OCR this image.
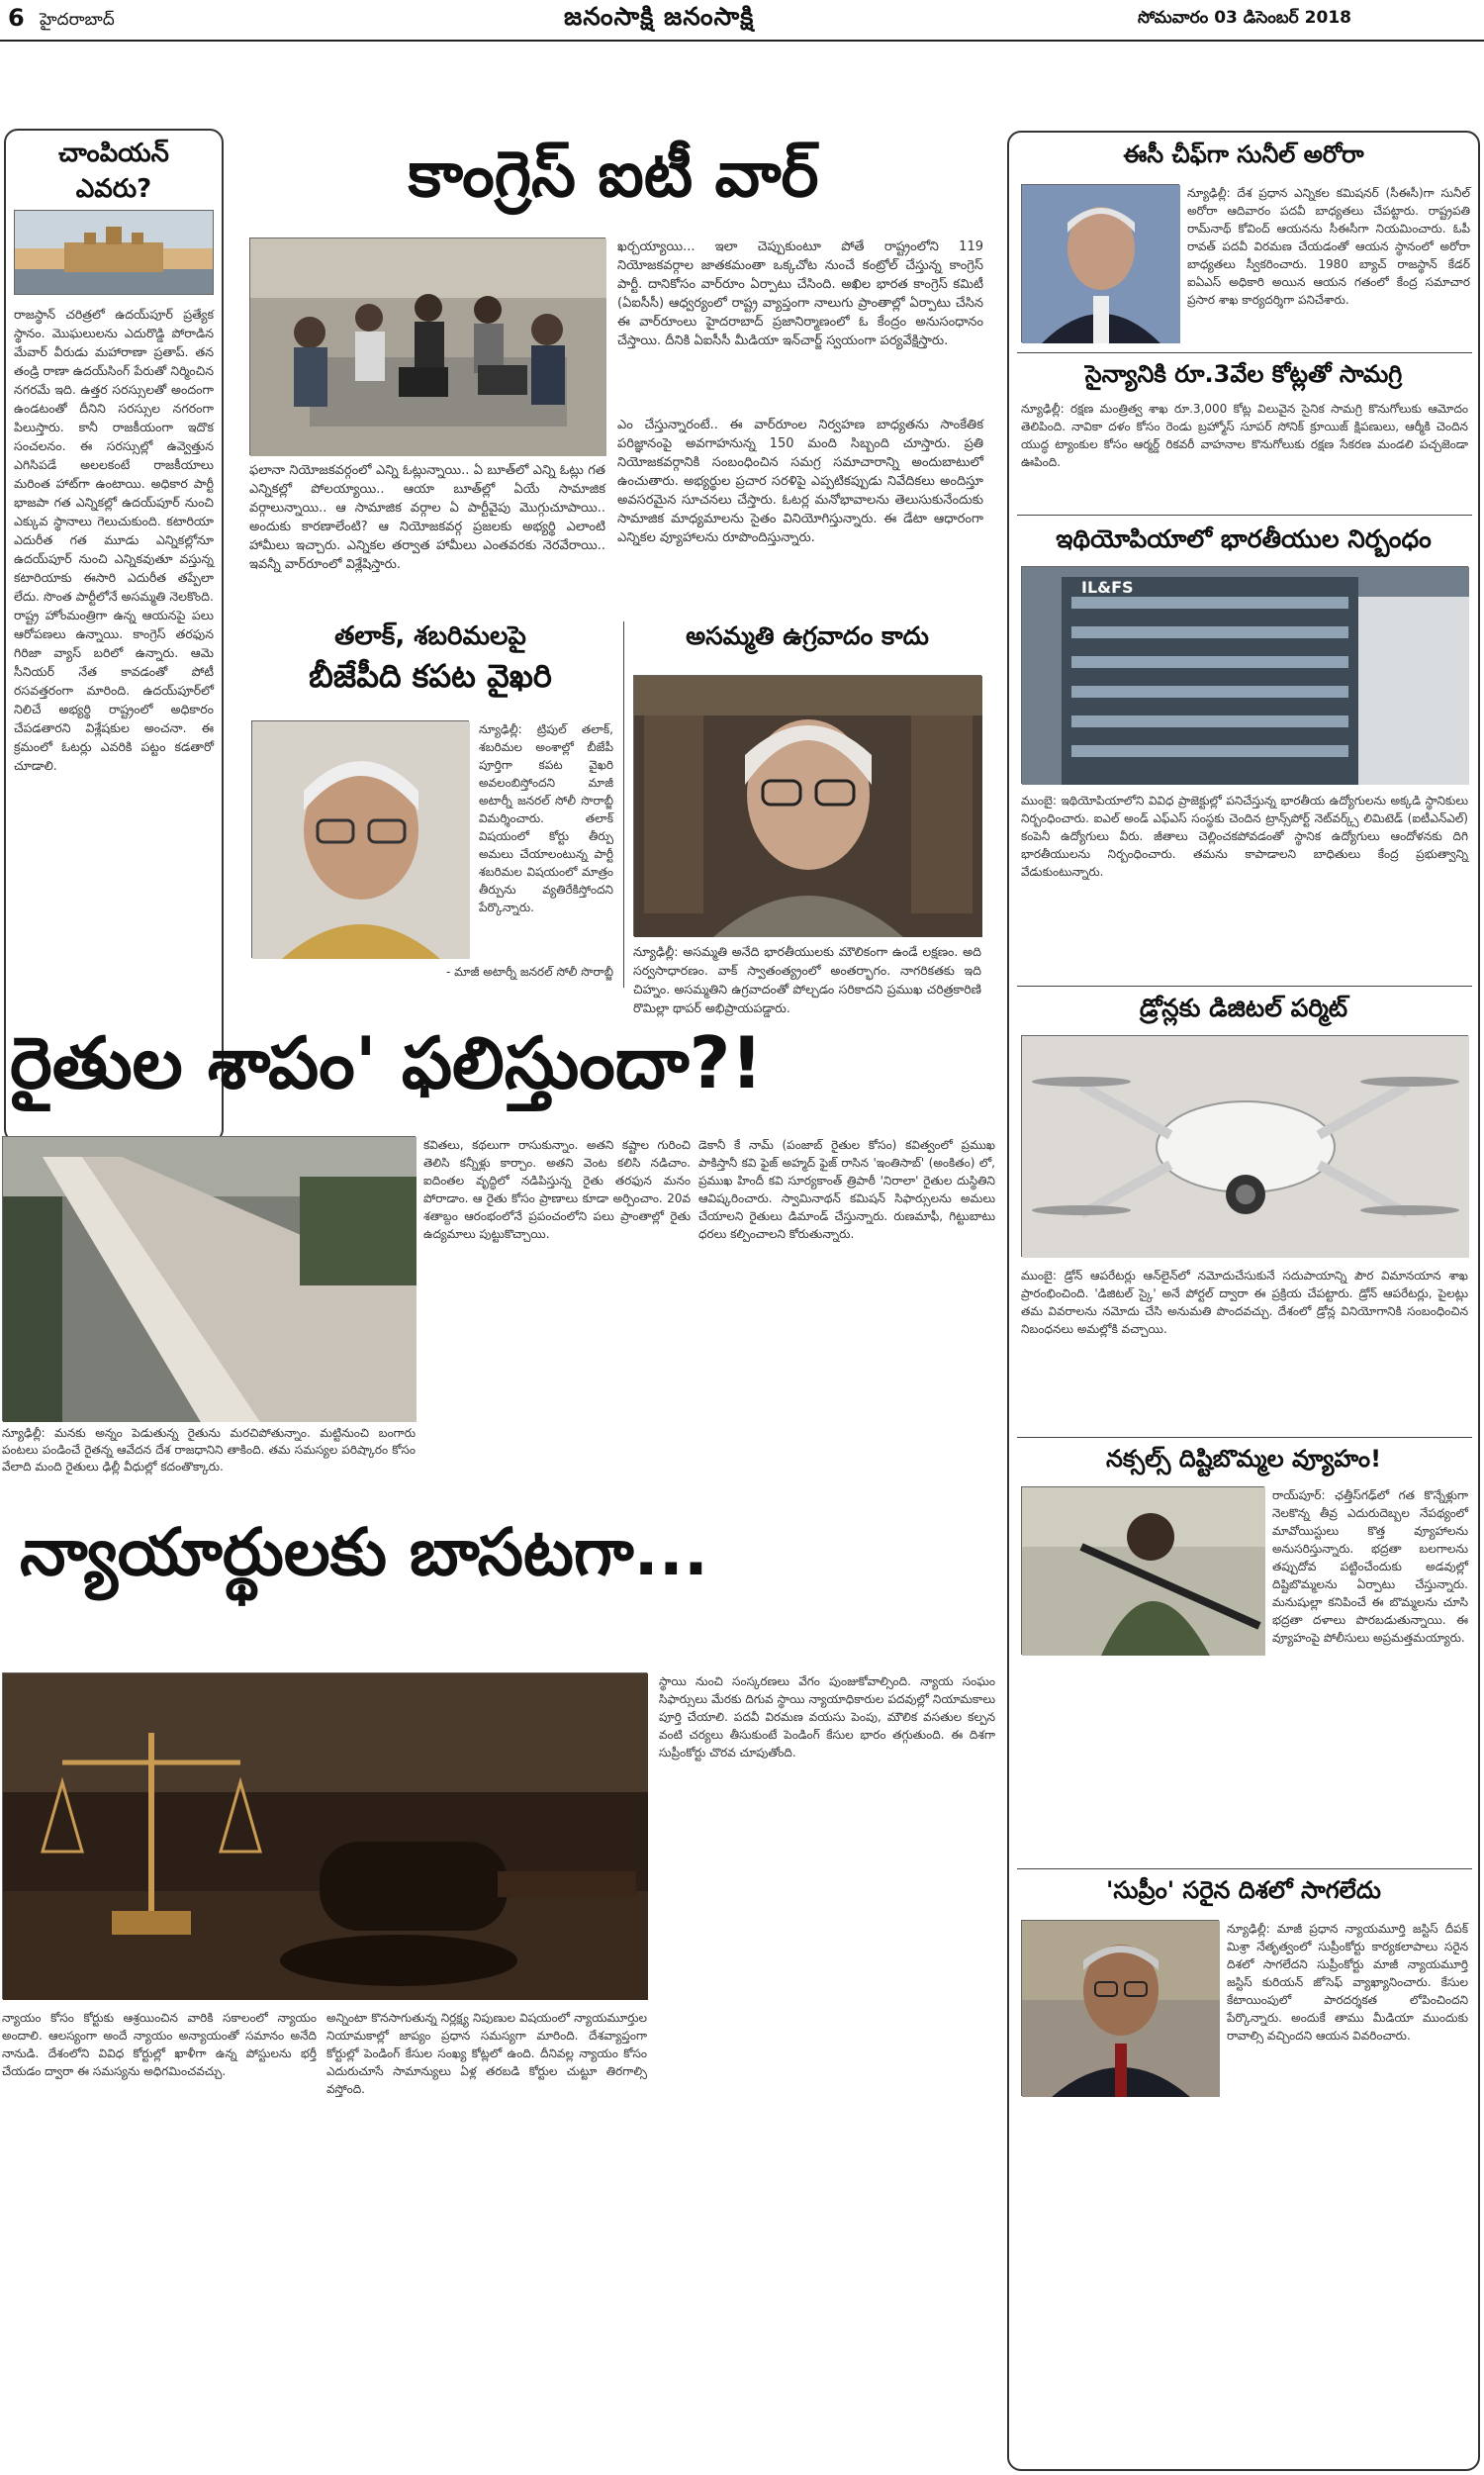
6 హైదరాబాద్	జనంసాక్షి జనంసాక్షి	సోమవారం 03 డిసెంబర్ 2018
చాంపియన్
ఎవరు?
రాజస్థాన్ చరిత్రలో ఉదయ్‌పూర్ ప్రత్యేక స్థానం. మొఘలులను ఎదురొడ్డి పోరాడిన మేవార్ వీరుడు మహారాణా ప్రతాప్. తన తండ్రి రాణా ఉదయ్‌సింగ్ పేరుతో నిర్మించిన నగరమే ఇది. ఉత్తర సరస్సులతో అందంగా ఉండటంతో దీనిని సరస్సుల నగరంగా పిలుస్తారు. కానీ రాజకీయంగా ఇదొక సంచలనం. ఈ సరస్సుల్లో ఉవ్వెత్తున ఎగిసిపడే అలలకంటే రాజకీయాలు మరింత హాట్‌గా ఉంటాయి. అధికార పార్టీ భాజపా గత ఎన్నికల్లో ఉదయ్‌పూర్ నుంచి ఎక్కువ స్థానాలు గెలుచుకుంది. కటారియా ఎదురీత గత మూడు ఎన్నికల్లోనూ ఉదయ్‌పూర్ నుంచి ఎన్నికవుతూ వస్తున్న కటారియాకు ఈసారి ఎదురీత తప్పేలా లేదు. సొంత పార్టీలోనే అసమ్మతి నెలకొంది. రాష్ట్ర హోంమంత్రిగా ఉన్న ఆయనపై పలు ఆరోపణలు ఉన్నాయి. కాంగ్రెస్ తరఫున గిరిజా వ్యాస్ బరిలో ఉన్నారు. ఆమె సీనియర్ నేత కావడంతో పోటీ రసవత్తరంగా మారింది. ఉదయ్‌పూర్‌లో నిలిచే అభ్యర్థి రాష్ట్రంలో అధికారం చేపడతారని విశ్లేషకుల అంచనా. ఈ క్రమంలో ఓటర్లు ఎవరికి పట్టం కడతారో చూడాలి.
కాంగ్రెస్ ఐటీ వార్
ఖర్చయ్యాయి... ఇలా చెప్పుకుంటూ పోతే రాష్ట్రంలోని 119 నియోజకవర్గాల జాతకమంతా ఒక్కచోట నుంచే కంట్రోల్ చేస్తున్న కాంగ్రెస్ పార్టీ. దానికోసం వార్‌రూం ఏర్పాటు చేసింది. అఖిల భారత కాంగ్రెస్ కమిటీ (ఏఐసీసీ) ఆధ్వర్యంలో రాష్ట్ర వ్యాప్తంగా నాలుగు ప్రాంతాల్లో ఏర్పాటు చేసిన ఈ వార్‌రూంలు హైదరాబాద్ ప్రజానిర్మాణంలో ఓ కేంద్రం అనుసంధానం చేస్తాయి. దీనికి ఏఐసీసీ మీడియా ఇన్‌చార్జ్ స్వయంగా పర్యవేక్షిస్తారు.
ఫలానా నియోజకవర్గంలో ఎన్ని ఓట్లున్నాయి.. ఏ బూత్‌లో ఎన్ని ఓట్లు గత ఎన్నికల్లో పోలయ్యాయి.. ఆయా బూత్‌ల్లో ఏయే సామాజిక వర్గాలున్నాయి.. ఆ సామాజిక వర్గాల ఏ పార్టీవైపు మొగ్గుచూపాయి.. అందుకు కారణాలేంటి? ఆ నియోజకవర్గ ప్రజలకు అభ్యర్థి ఎలాంటి హామీలు ఇచ్చారు. ఎన్నికల తర్వాత హామీలు ఎంతవరకు నెరవేరాయి.. ఇవన్నీ వార్‌రూంలో విశ్లేషిస్తారు.
ఎం చేస్తున్నారంటే.. ఈ వార్‌రూంల నిర్వహణ బాధ్యతను సాంకేతిక పరిజ్ఞానంపై అవగాహనున్న 150 మంది సిబ్బంది చూస్తారు. ప్రతి నియోజకవర్గానికి సంబంధించిన సమగ్ర సమాచారాన్ని అందుబాటులో ఉంచుతారు. అభ్యర్థుల ప్రచార సరళిపై ఎప్పటికప్పుడు నివేదికలు అందిస్తూ అవసరమైన సూచనలు చేస్తారు. ఓటర్ల మనోభావాలను తెలుసుకునేందుకు సామాజిక మాధ్యమాలను సైతం వినియోగిస్తున్నారు. ఈ డేటా ఆధారంగా ఎన్నికల వ్యూహాలను రూపొందిస్తున్నారు.
తలాక్, శబరిమలపై
బీజేపీది కపట వైఖరి
న్యూఢిల్లీ: ట్రిపుల్ తలాక్, శబరిమల అంశాల్లో బీజేపీ పూర్తిగా కపట వైఖరి అవలంబిస్తోందని మాజీ అటార్నీ జనరల్ సోలీ సొరాబ్జీ విమర్శించారు. తలాక్ విషయంలో కోర్టు తీర్పు అమలు చేయాలంటున్న పార్టీ శబరిమల విషయంలో మాత్రం తీర్పును వ్యతిరేకిస్తోందని పేర్కొన్నారు.
- మాజీ అటార్నీ జనరల్ సోలీ సొరాబ్జీ
అసమ్మతి ఉగ్రవాదం కాదు
న్యూఢిల్లీ: అసమ్మతి అనేది భారతీయులకు మౌలికంగా ఉండే లక్షణం. అది సర్వసాధారణం. వాక్ స్వాతంత్య్రంలో అంతర్భాగం. నాగరికతకు ఇది చిహ్నం. అసమ్మతిని ఉగ్రవాదంతో పోల్చడం సరికాదని ప్రముఖ చరిత్రకారిణి రొమిల్లా థాపర్ అభిప్రాయపడ్డారు.
రైతుల శాపం' ఫలిస్తుందా?!
న్యూఢిల్లీ: మనకు అన్నం పెడుతున్న రైతును మరచిపోతున్నాం. మట్టినుంచి బంగారు పంటలు పండించే రైతన్న ఆవేదన దేశ రాజధానిని తాకింది. తమ సమస్యల పరిష్కారం కోసం వేలాది మంది రైతులు ఢిల్లీ వీధుల్లో కదంతొక్కారు.
కవితలు, కథలుగా రాసుకున్నాం. అతని కష్టాల గురించి తెలిసి కన్నీళ్లు కార్చాం. అతని వెంట కలిసి నడిచాం. ఐదింతల వృద్ధిలో నడిపిస్తున్న రైతు తరఫున మనం పోరాడాం. ఆ రైతు కోసం ప్రాణాలు కూడా అర్పించాం. 20వ శతాబ్దం ఆరంభంలోనే ప్రపంచంలోని పలు ప్రాంతాల్లో రైతు ఉద్యమాలు పుట్టుకొచ్చాయి.
డెకానీ కే నామ్ (పంజాబ్ రైతుల కోసం) కవిత్వంలో ప్రముఖ పాకిస్తానీ కవి ఫైజ్ అహ్మద్ ఫైజ్ రాసిన 'ఇంతిసాబ్' (అంకితం) లో, ప్రముఖ హిందీ కవి సూర్యకాంత్ త్రిపాఠీ 'నిరాలా' రైతుల దుస్థితిని ఆవిష్కరించారు. స్వామినాథన్ కమిషన్ సిఫార్సులను అమలు చేయాలని రైతులు డిమాండ్ చేస్తున్నారు. రుణమాఫీ, గిట్టుబాటు ధరలు కల్పించాలని కోరుతున్నారు.
న్యాయార్థులకు బాసటగా...
స్థాయి నుంచి సంస్కరణలు వేగం పుంజుకోవాల్సింది. న్యాయ సంఘం సిఫార్సులు మేరకు దిగువ స్థాయి న్యాయాధికారుల పదవుల్లో నియామకాలు పూర్తి చేయాలి. పదవీ విరమణ వయసు పెంపు, మౌలిక వసతుల కల్పన వంటి చర్యలు తీసుకుంటే పెండింగ్ కేసుల భారం తగ్గుతుంది. ఈ దిశగా సుప్రీంకోర్టు చొరవ చూపుతోంది.
న్యాయం కోసం కోర్టుకు ఆశ్రయించిన వారికి సకాలంలో న్యాయం అందాలి. ఆలస్యంగా అందే న్యాయం అన్యాయంతో సమానం అనేది నానుడి. దేశంలోని వివిధ కోర్టుల్లో ఖాళీగా ఉన్న పోస్టులను భర్తీ చేయడం ద్వారా ఈ సమస్యను అధిగమించవచ్చు.
అన్నింటా కొనసాగుతున్న నిర్లక్ష్య నిపుణుల విషయంలో న్యాయమూర్తుల నియామకాల్లో జాప్యం ప్రధాన సమస్యగా మారింది. దేశవ్యాప్తంగా కోర్టుల్లో పెండింగ్ కేసుల సంఖ్య కోట్లలో ఉంది. దీనివల్ల న్యాయం కోసం ఎదురుచూసే సామాన్యులు ఏళ్ల తరబడి కోర్టుల చుట్టూ తిరగాల్సి వస్తోంది.
ఈసీ చీఫ్‌గా సునీల్ అరోరా
న్యూఢిల్లీ: దేశ ప్రధాన ఎన్నికల కమిషనర్ (సీఈసీ)గా సునీల్ అరోరా ఆదివారం పదవీ బాధ్యతలు చేపట్టారు. రాష్ట్రపతి రామ్‌నాథ్ కోవింద్ ఆయనను సీఈసీగా నియమించారు. ఓపీ రావత్ పదవీ విరమణ చేయడంతో ఆయన స్థానంలో అరోరా బాధ్యతలు స్వీకరించారు. 1980 బ్యాచ్ రాజస్థాన్ కేడర్ ఐఏఎస్ అధికారి అయిన ఆయన గతంలో కేంద్ర సమాచార ప్రసార శాఖ కార్యదర్శిగా పనిచేశారు.
సైన్యానికి రూ.3వేల కోట్లతో సామగ్రి
న్యూఢిల్లీ: రక్షణ మంత్రిత్వ శాఖ రూ.3,000 కోట్ల విలువైన సైనిక సామగ్రి కొనుగోలుకు ఆమోదం తెలిపింది. నావికా దళం కోసం రెండు బ్రహ్మోస్ సూపర్ సోనిక్ క్రూయిజ్ క్షిపణులు, ఆర్మీకి చెందిన యుద్ధ ట్యాంకుల కోసం ఆర్మర్డ్ రికవరీ వాహనాల కొనుగోలుకు రక్షణ సేకరణ మండలి పచ్చజెండా ఊపింది.
ఇథియోపియాలో భారతీయుల నిర్బంధం
IL&FS
ముంబై: ఇథియోపియాలోని వివిధ ప్రాజెక్టుల్లో పనిచేస్తున్న భారతీయ ఉద్యోగులను అక్కడి స్థానికులు నిర్బంధించారు. ఐఎల్ అండ్ ఎఫ్ఎస్ సంస్థకు చెందిన ట్రాన్స్‌పోర్ట్ నెట్‌వర్క్స్ లిమిటెడ్ (ఐటీఎన్‌ఎల్) కంపెనీ ఉద్యోగులు వీరు. జీతాలు చెల్లించకపోవడంతో స్థానిక ఉద్యోగులు ఆందోళనకు దిగి భారతీయులను నిర్బంధించారు. తమను కాపాడాలని బాధితులు కేంద్ర ప్రభుత్వాన్ని వేడుకుంటున్నారు.
డ్రోన్లకు డిజిటల్ పర్మిట్
ముంబై: డ్రోన్ ఆపరేటర్లు ఆన్‌లైన్‌లో నమోదుచేసుకునే సదుపాయాన్ని పౌర విమానయాన శాఖ ప్రారంభించింది. 'డిజిటల్ స్కై' అనే పోర్టల్ ద్వారా ఈ ప్రక్రియ చేపట్టారు. డ్రోన్ ఆపరేటర్లు, పైలట్లు తమ వివరాలను నమోదు చేసి అనుమతి పొందవచ్చు. దేశంలో డ్రోన్ల వినియోగానికి సంబంధించిన నిబంధనలు అమల్లోకి వచ్చాయి.
నక్సల్స్ దిష్టిబొమ్మల వ్యూహం!
రాయ్‌పూర్: ఛత్తీస్‌గఢ్‌లో గత కొన్నేళ్లుగా నెలకొన్న తీవ్ర ఎదురుదెబ్బల నేపథ్యంలో మావోయిస్టులు కొత్త వ్యూహాలను అనుసరిస్తున్నారు. భద్రతా బలగాలను తప్పుదోవ పట్టించేందుకు అడవుల్లో దిష్టిబొమ్మలను ఏర్పాటు చేస్తున్నారు. మనుషుల్లా కనిపించే ఈ బొమ్మలను చూసి భద్రతా దళాలు పొరబడుతున్నాయి. ఈ వ్యూహంపై పోలీసులు అప్రమత్తమయ్యారు.
'సుప్రీం' సరైన దిశలో సాగలేదు
న్యూఢిల్లీ: మాజీ ప్రధాన న్యాయమూర్తి జస్టిస్ దీపక్ మిశ్రా నేతృత్వంలో సుప్రీంకోర్టు కార్యకలాపాలు సరైన దిశలో సాగలేదని సుప్రీంకోర్టు మాజీ న్యాయమూర్తి జస్టిస్ కురియన్ జోసెఫ్ వ్యాఖ్యానించారు. కేసుల కేటాయింపులో పారదర్శకత లోపించిందని పేర్కొన్నారు. అందుకే తాము మీడియా ముందుకు రావాల్సి వచ్చిందని ఆయన వివరించారు.
